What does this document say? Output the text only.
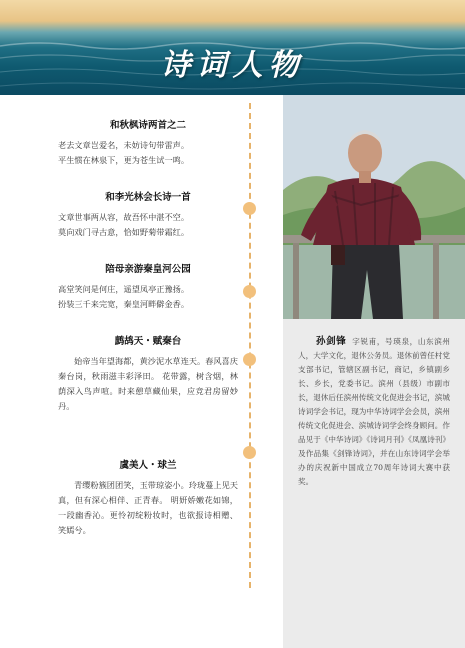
诗词人物
和秋枫诗两首之二
老去文章岂爱名，未妨诗句带雷声。
平生惯在林泉下，更为苍生试一鸣。
和李光林会长诗一首
文章世事两从容，故吾怀中湛不空。
莫向戏门寻古意，恰如野菊带霜红。
陪母亲游秦皇河公园
高堂笑问是何庄，遥望凤亭正豫扬。
扮装三千来完宽，秦皇河畔僻金香。
鹧鸪天・赋秦台
始帝当年望海都，黄沙泥水草连天。春风喜庆秦台岗，秋雨滋丰彩泽田。 花带露，树含烟，林荫深入鸟声喧。时来憩草藏仙果，应竞君房留妙丹。
虞美人・球兰
青缨粉簇团团笑，玉带琼姿小。玲珑蔓上见天真，但有深心相伴、正青春。 明妍娇嫩花如锦，一段幽香沁。更怜初绽粉妆时，也欲报诗相赠、笑嫣兮。
孙剑锋 字锐甫，号瑛泉，山东滨州人，大学文化，退休公务员。退休前曾任村党支部书记，管辖区副书记，商记，乡镇副乡长、乡长，党委书记。滨州（县级）市副市长，退休后任滨州传统文化促进会书记，滨城诗词学会书记，现为中华诗词学会会员，滨州传统文化促进会、滨城诗词学会终身顾问。作品见于《中华诗词》《诗词月刊》《凤凰诗刊》及作品集《剑锋诗词》，并在山东诗词学会举办的庆祝新中国成立70周年诗词大赛中获奖。
